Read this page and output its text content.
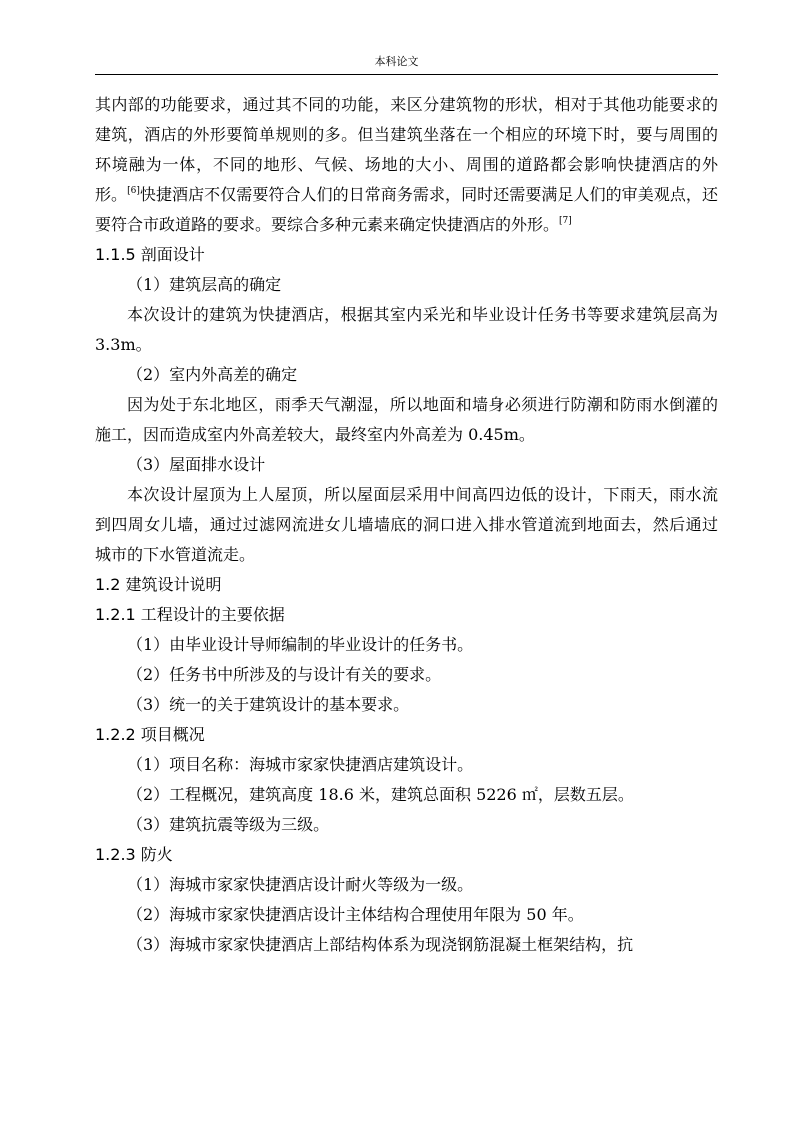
本科论文

其内部的功能要求，通过其不同的功能，来区分建筑物的形状，相对于其他功能要求的建筑，酒店的外形要简单规则的多。但当建筑坐落在一个相应的环境下时，要与周围的环境融为一体，不同的地形、气候、场地的大小、周围的道路都会影响快捷酒店的外形。[6]快捷酒店不仅需要符合人们的日常商务需求，同时还需要满足人们的审美观点，还要符合市政道路的要求。要综合多种元素来确定快捷酒店的外形。[7]

1.1.5 剖面设计

（1）建筑层高的确定

本次设计的建筑为快捷酒店，根据其室内采光和毕业设计任务书等要求建筑层高为 3.3m。

（2）室内外高差的确定

因为处于东北地区，雨季天气潮湿，所以地面和墙身必须进行防潮和防雨水倒灌的施工，因而造成室内外高差较大，最终室内外高差为 0.45m。

（3）屋面排水设计

本次设计屋顶为上人屋顶，所以屋面层采用中间高四边低的设计，下雨天，雨水流到四周女儿墙，通过过滤网流进女儿墙墙底的洞口进入排水管道流到地面去，然后通过城市的下水管道流走。

1.2 建筑设计说明

1.2.1 工程设计的主要依据

（1）由毕业设计导师编制的毕业设计的任务书。

（2）任务书中所涉及的与设计有关的要求。

（3）统一的关于建筑设计的基本要求。

1.2.2 项目概况

（1）项目名称：海城市家家快捷酒店建筑设计。

（2）工程概况，建筑高度 18.6 米，建筑总面积 5226 ㎡，层数五层。

（3）建筑抗震等级为三级。

1.2.3 防火

（1）海城市家家快捷酒店设计耐火等级为一级。

（2）海城市家家快捷酒店设计主体结构合理使用年限为 50 年。

（3）海城市家家快捷酒店上部结构体系为现浇钢筋混凝土框架结构，抗
